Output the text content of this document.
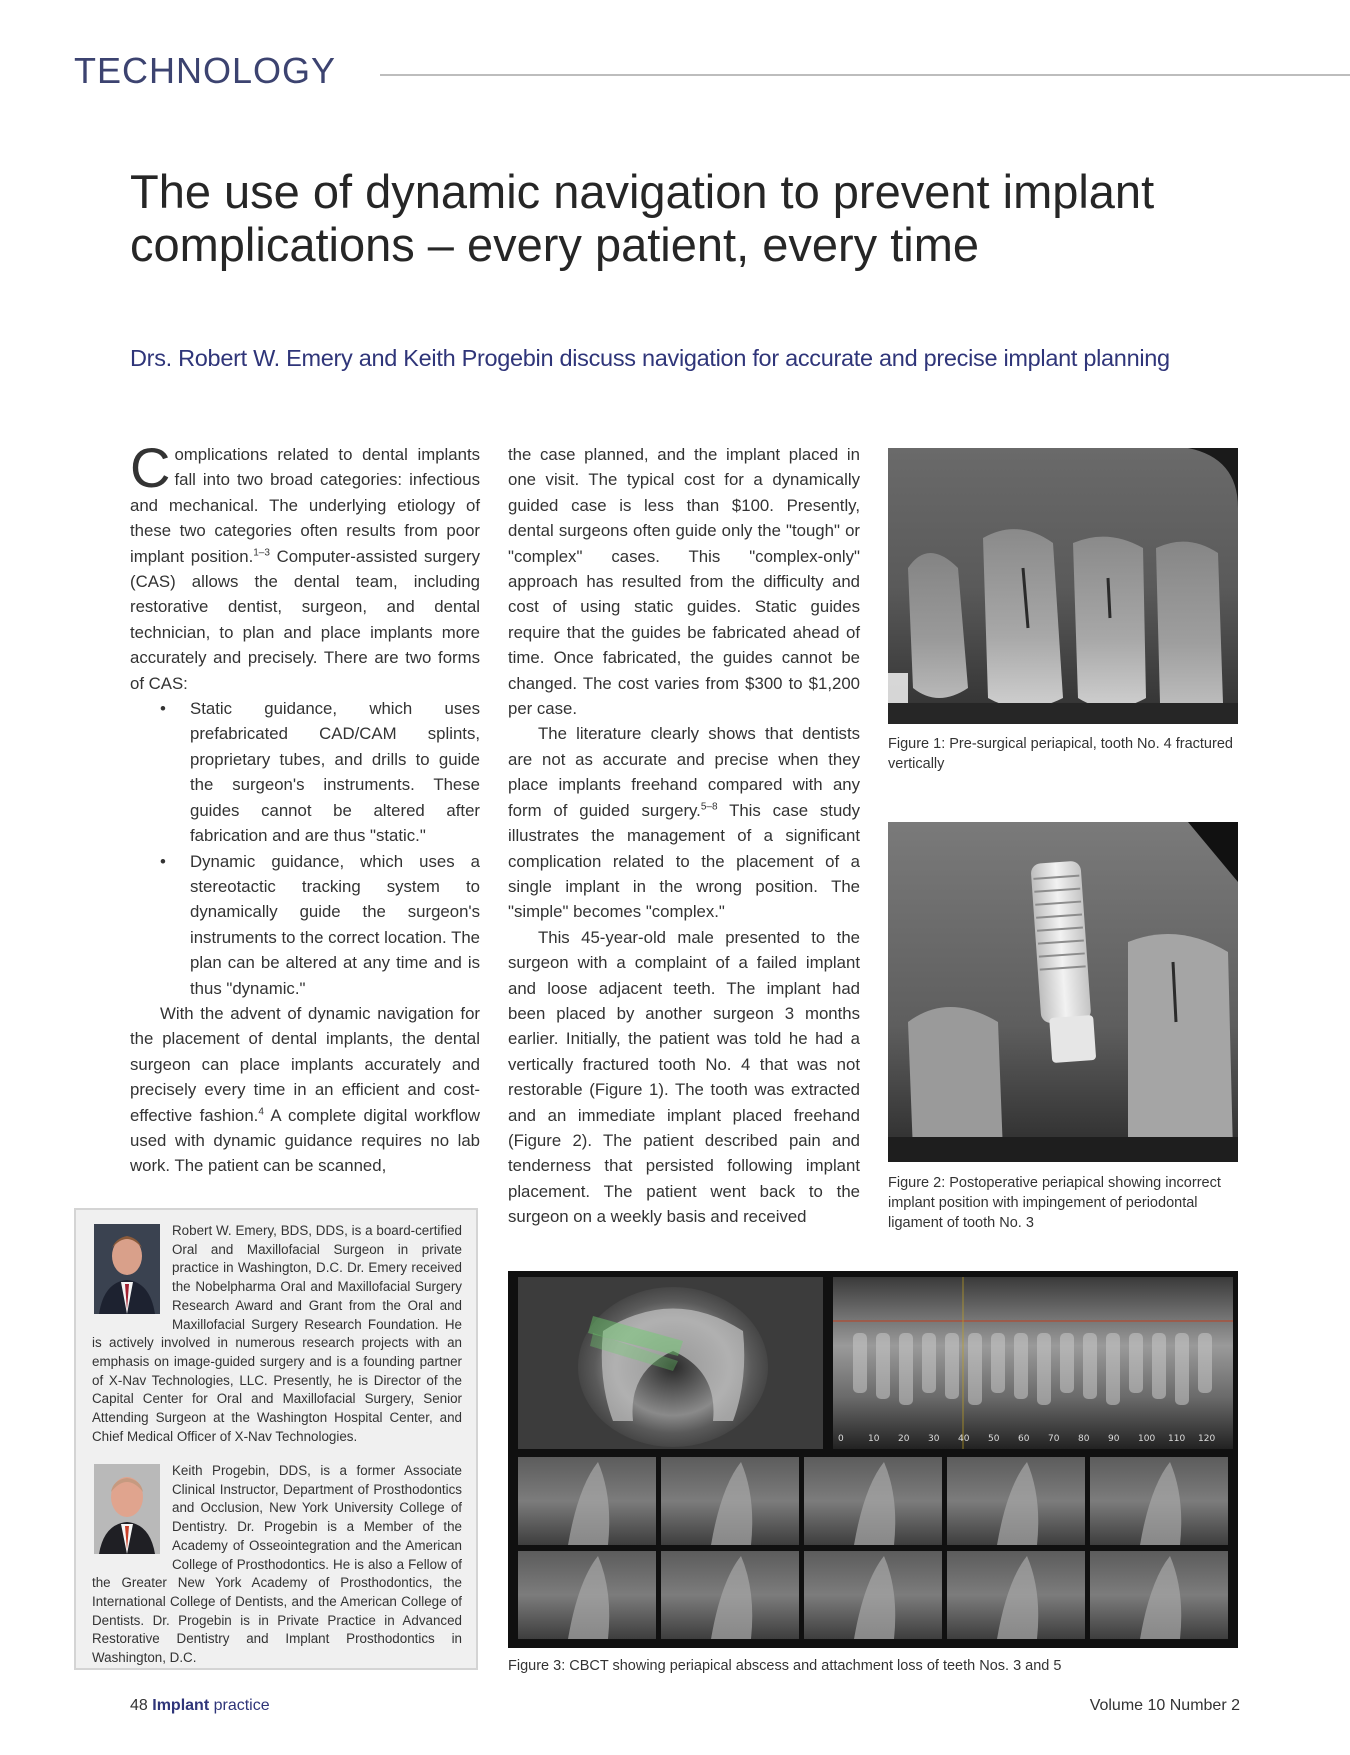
TECHNOLOGY
The use of dynamic navigation to prevent implant complications – every patient, every time
Drs. Robert W. Emery and Keith Progebin discuss navigation for accurate and precise implant planning

Complications related to dental implants fall into two broad categories: infectious and mechanical. The underlying etiology of these two categories often results from poor implant position.$^{1-3}$ Computer-assisted surgery (CAS) allows the dental team, including restorative dentist, surgeon, and dental technician, to plan and place implants more accurately and precisely. There are two forms of CAS:

• Static guidance, which uses prefabricated CAD/CAM splints, proprietary tubes, and drills to guide the surgeon's instruments. These guides cannot be altered after fabrication and are thus "static."
• Dynamic guidance, which uses a stereotactic tracking system to dynamically guide the surgeon's instruments to the correct location. The plan can be altered at any time and is thus "dynamic."

With the advent of dynamic navigation for the placement of dental implants, the dental surgeon can place implants accurately and precisely every time in an efficient and cost-effective fashion.$^4$ A complete digital workflow used with dynamic guidance requires no lab work. The patient can be scanned,

the case planned, and the implant placed in one visit. The typical cost for a dynamically guided case is less than $100. Presently, dental surgeons often guide only the "tough" or "complex" cases. This "complex-only" approach has resulted from the difficulty and cost of using static guides. Static guides require that the guides be fabricated ahead of time. Once fabricated, the guides cannot be changed. The cost varies from $300 to $1,200 per case.

The literature clearly shows that dentists are not as accurate and precise when they place implants freehand compared with any form of guided surgery.$^{5-8}$ This case study illustrates the management of a significant complication related to the placement of a single implant in the wrong position. The "simple" becomes "complex."

This 45-year-old male presented to the surgeon with a complaint of a failed implant and loose adjacent teeth. The implant had been placed by another surgeon 3 months earlier. Initially, the patient was told he had a vertically fractured tooth No. 4 that was not restorable (Figure 1). The tooth was extracted and an immediate implant placed freehand (Figure 2). The patient described pain and tenderness that persisted following implant placement. The patient went back to the surgeon on a weekly basis and received

Figure 1: Pre-surgical periapical, tooth No. 4 fractured vertically
Figure 2: Postoperative periapical showing incorrect implant position with impingement of periodontal ligament of tooth No. 3
Robert W. Emery, BDS, DDS, is a board-certified Oral and Maxillofacial Surgeon in private practice in Washington, D.C. Dr. Emery received the Nobelpharma Oral and Maxillofacial Surgery Research Award and Grant from the Oral and Maxillofacial Surgery Research Foundation. He is actively involved in numerous research projects with an emphasis on image-guided surgery and is a founding partner of X-Nav Technologies, LLC. Presently, he is Director of the Capital Center for Oral and Maxillofacial Surgery, Senior Attending Surgeon at the Washington Hospital Center, and Chief Medical Officer of X-Nav Technologies.
Keith Progebin, DDS, is a former Associate Clinical Instructor, Department of Prosthodontics and Occlusion, New York University College of Dentistry. Dr. Progebin is a Member of the Academy of Osseointegration and the American College of Prosthodontics. He is also a Fellow of the Greater New York Academy of Prosthodontics, the International College of Dentists, and the American College of Dentists. Dr. Progebin is in Private Practice in Advanced Restorative Dentistry and Implant Prosthodontics in Washington, D.C.
0	10 20 30 40 50 60 70 80 90 100 110 120
Figure 3: CBCT showing periapical abscess and attachment loss of teeth Nos. 3 and 5
48 Implant practice	Volume 10 Number 2
